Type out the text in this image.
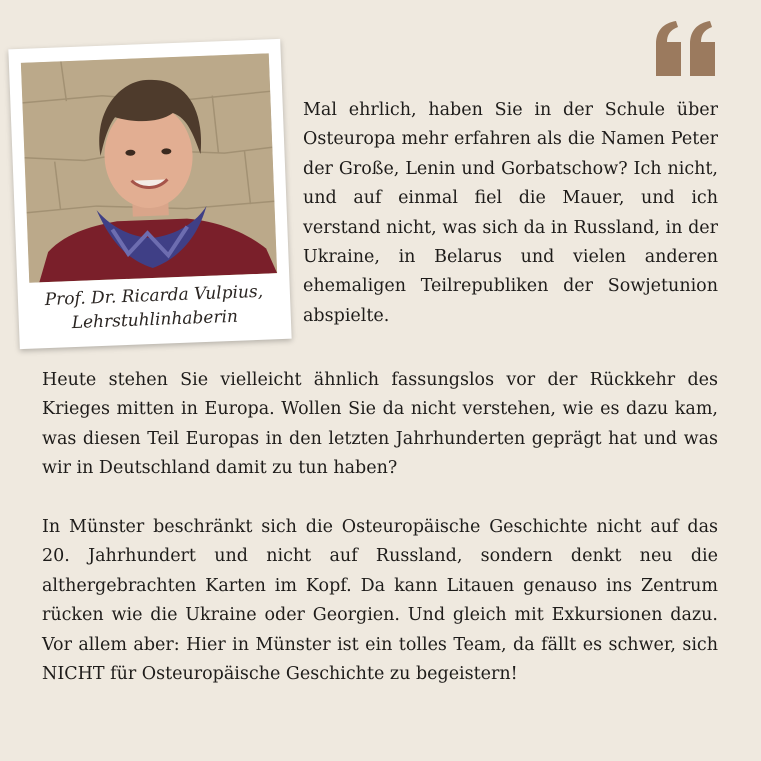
Prof. Dr. Ricarda Vulpius,
Lehrstuhlinhaberin

Mal ehrlich, haben Sie in der Schule über Osteuropa mehr erfahren als die Namen Peter der Große, Lenin und Gorbatschow? Ich nicht, und auf einmal fiel die Mauer, und ich verstand nicht, was sich da in Russland, in der Ukraine, in Belarus und vielen anderen ehemaligen Teilrepubliken der Sowjetunion abspielte.

Heute stehen Sie vielleicht ähnlich fassungslos vor der Rückkehr des Krieges mitten in Europa. Wollen Sie da nicht verstehen, wie es dazu kam, was diesen Teil Europas in den letzten Jahrhunderten geprägt hat und was wir in Deutschland damit zu tun haben?

In Münster beschränkt sich die Osteuropäische Geschichte nicht auf das 20. Jahrhundert und nicht auf Russland, sondern denkt neu die althergebrachten Karten im Kopf. Da kann Litauen genauso ins Zentrum rücken wie die Ukraine oder Georgien. Und gleich mit Exkursionen dazu. Vor allem aber: Hier in Münster ist ein tolles Team, da fällt es schwer, sich NICHT für Osteuropäische Geschichte zu begeistern!
